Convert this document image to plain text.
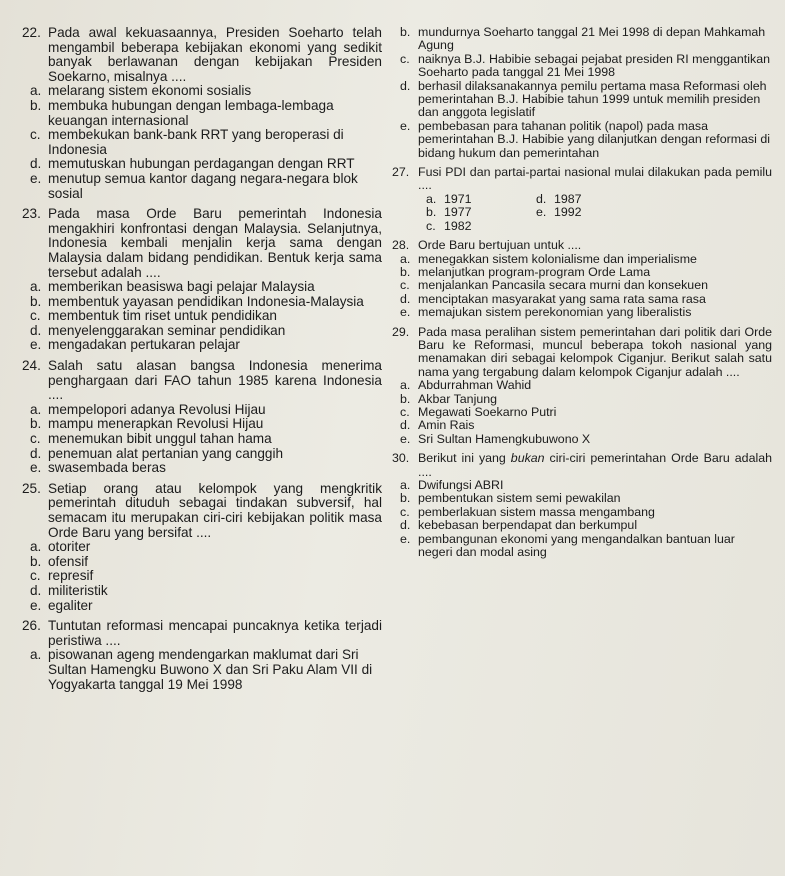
22. Pada awal kekuasaannya, Presiden Soeharto telah mengambil beberapa kebijakan ekonomi yang sedikit banyak berlawanan dengan kebijakan Presiden Soekarno, misalnya ....
a. melarang sistem ekonomi sosialis
b. membuka hubungan dengan lembaga-lembaga keuangan internasional
c. membekukan bank-bank RRT yang beroperasi di Indonesia
d. memutuskan hubungan perdagangan dengan RRT
e. menutup semua kantor dagang negara-negara blok sosial
23. Pada masa Orde Baru pemerintah Indonesia mengakhiri konfrontasi dengan Malaysia. Selanjutnya, Indonesia kembali menjalin kerja sama dengan Malaysia dalam bidang pendidikan. Bentuk kerja sama tersebut adalah ....
a. memberikan beasiswa bagi pelajar Malaysia
b. membentuk yayasan pendidikan Indonesia-Malaysia
c. membentuk tim riset untuk pendidikan
d. menyelenggarakan seminar pendidikan
e. mengadakan pertukaran pelajar
24. Salah satu alasan bangsa Indonesia menerima penghargaan dari FAO tahun 1985 karena Indonesia ....
a. mempelopori adanya Revolusi Hijau
b. mampu menerapkan Revolusi Hijau
c. menemukan bibit unggul tahan hama
d. penemuan alat pertanian yang canggih
e. swasembada beras
25. Setiap orang atau kelompok yang mengkritik pemerintah dituduh sebagai tindakan subversif, hal semacam itu merupakan ciri-ciri kebijakan politik masa Orde Baru yang bersifat ....
a. otoriter
b. ofensif
c. represif
d. militeristik
e. egaliter
26. Tuntutan reformasi mencapai puncaknya ketika terjadi peristiwa ....
a. pisowanan ageng mendengarkan maklumat dari Sri Sultan Hamengku Buwono X dan Sri Paku Alam VII di Yogyakarta tanggal 19 Mei 1998
b. mundurnya Soeharto tanggal 21 Mei 1998 di depan Mahkamah Agung
c. naiknya B.J. Habibie sebagai pejabat presiden RI menggantikan Soeharto pada tanggal 21 Mei 1998
d. berhasil dilaksanakannya pemilu pertama masa Reformasi oleh pemerintahan B.J. Habibie tahun 1999 untuk memilih presiden dan anggota legislatif
e. pembebasan para tahanan politik (napol) pada masa pemerintahan B.J. Habibie yang dilanjutkan dengan reformasi di bidang hukum dan pemerintahan
27. Fusi PDI dan partai-partai nasional mulai dilakukan pada pemilu ....
a. 1971	d. 1987
b. 1977	e. 1992
c. 1982
28. Orde Baru bertujuan untuk ....
a. menegakkan sistem kolonialisme dan imperialisme
b. melanjutkan program-program Orde Lama
c. menjalankan Pancasila secara murni dan konsekuen
d. menciptakan masyarakat yang sama rata sama rasa
e. memajukan sistem perekonomian yang liberalistis
29. Pada masa peralihan sistem pemerintahan dari politik dari Orde Baru ke Reformasi, muncul beberapa tokoh nasional yang menamakan diri sebagai kelompok Ciganjur. Berikut salah satu nama yang tergabung dalam kelompok Ciganjur adalah ....
a. Abdurrahman Wahid
b. Akbar Tanjung
c. Megawati Soekarno Putri
d. Amin Rais
e. Sri Sultan Hamengkubuwono X
30. Berikut ini yang bukan ciri-ciri pemerintahan Orde Baru adalah ....
a. Dwifungsi ABRI
b. pembentukan sistem semi pewakilan
c. pemberlakuan sistem massa mengambang
d. kebebasan berpendapat dan berkumpul
e. pembangunan ekonomi yang mengandalkan bantuan luar negeri dan modal asing
